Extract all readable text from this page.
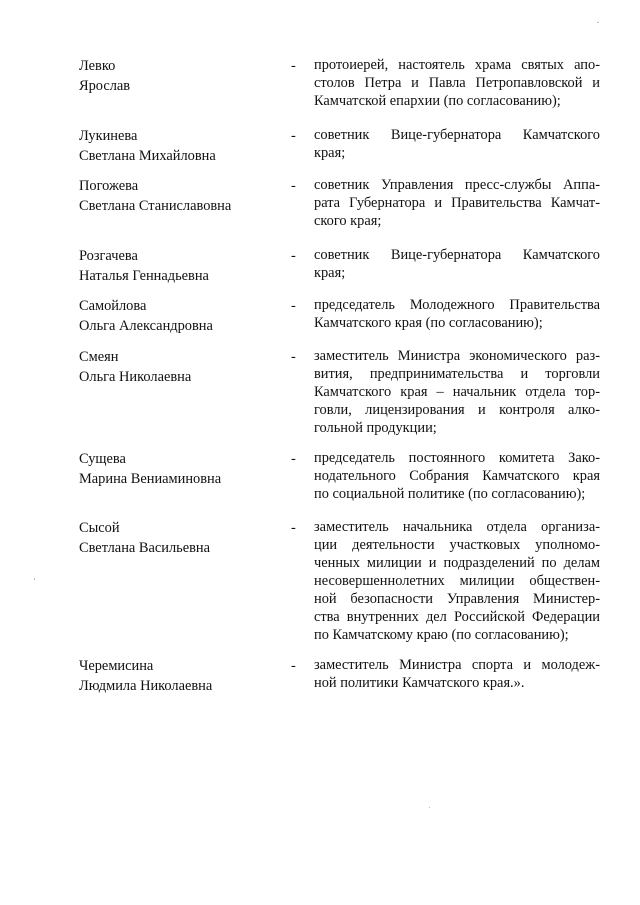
Левко
Ярослав
- протоиерей, настоятель храма святых апо-
столов Петра и Павла Петропавловской и
Камчатской епархии (по согласованию);
Лукинева
Светлана Михайловна
- советник Вице-губернатора Камчатского
края;
Погожева
Светлана Станиславовна
- советник Управления пресс-службы Аппа-
рата Губернатора и Правительства Камчат-
ского края;
Розгачева
Наталья Геннадьевна
- советник Вице-губернатора Камчатского
края;
Самойлова
Ольга Александровна
- председатель Молодежного Правительства
Камчатского края (по согласованию);
Смеян
Ольга Николаевна
- заместитель Министра экономического раз-
вития, предпринимательства и торговли
Камчатского края – начальник отдела тор-
говли, лицензирования и контроля алко-
гольной продукции;
Сущева
Марина Вениаминовна
- председатель постоянного комитета Зако-
нодательного Собрания Камчатского края
по социальной политике (по согласованию);
Сысой
Светлана Васильевна
- заместитель начальника отдела организа-
ции деятельности участковых уполномо-
ченных милиции и подразделений по делам
несовершеннолетних милиции обществен-
ной безопасности Управления Министер-
ства внутренних дел Российской Федерации
по Камчатскому краю (по согласованию);
Черемисина
Людмила Николаевна
- заместитель Министра спорта и молодеж-
ной политики Камчатского края.».
